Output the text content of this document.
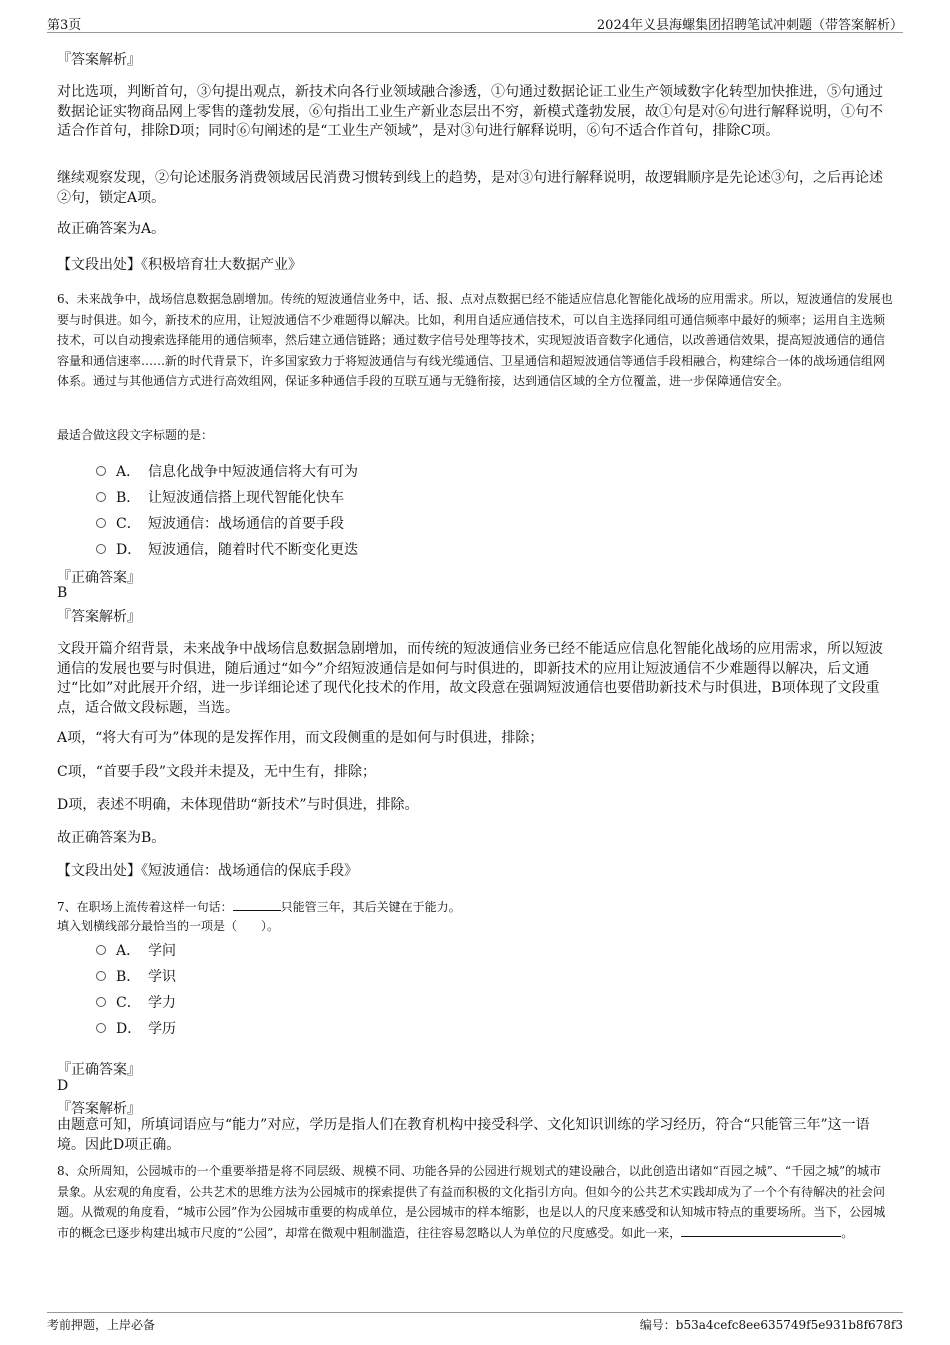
第3页	2024年义县海螺集团招聘笔试冲刺题（带答案解析）
『答案解析』
对比选项，判断首句，③句提出观点，新技术向各行业领域融合渗透，①句通过数据论证工业生产领域数字化转型加快推进，⑤句通过数据论证实物商品网上零售的蓬勃发展，⑥句指出工业生产新业态层出不穷，新模式蓬勃发展，故①句是对⑥句进行解释说明，①句不适合作首句，排除D项；同时⑥句阐述的是“工业生产领域”，是对③句进行解释说明，⑥句不适合作首句，排除C项。
继续观察发现，②句论述服务消费领域居民消费习惯转到线上的趋势，是对③句进行解释说明，故逻辑顺序是先论述③句，之后再论述②句，锁定A项。
故正确答案为A。
【文段出处】《积极培育壮大数据产业》
6、未来战争中，战场信息数据急剧增加。传统的短波通信业务中，话、报、点对点数据已经不能适应信息化智能化战场的应用需求。所以，短波通信的发展也要与时俱进。如今，新技术的应用，让短波通信不少难题得以解决。比如，利用自适应通信技术，可以自主选择同组可通信频率中最好的频率；运用自主选频技术，可以自动搜索选择能用的通信频率，然后建立通信链路；通过数字信号处理等技术，实现短波语音数字化通信，以改善通信效果，提高短波通信的通信容量和通信速率……新的时代背景下，许多国家致力于将短波通信与有线光缆通信、卫星通信和超短波通信等通信手段相融合，构建综合一体的战场通信组网体系。通过与其他通信方式进行高效组网，保证多种通信手段的互联互通与无缝衔接，达到通信区域的全方位覆盖，进一步保障通信安全。
最适合做这段文字标题的是：
A． 信息化战争中短波通信将大有可为
B． 让短波通信搭上现代智能化快车
C． 短波通信：战场通信的首要手段
D． 短波通信，随着时代不断变化更迭
『正确答案』
B
『答案解析』
文段开篇介绍背景，未来战争中战场信息数据急剧增加，而传统的短波通信业务已经不能适应信息化智能化战场的应用需求，所以短波通信的发展也要与时俱进，随后通过“如今”介绍短波通信是如何与时俱进的，即新技术的应用让短波通信不少难题得以解决，后文通过“比如”对此展开介绍，进一步详细论述了现代化技术的作用，故文段意在强调短波通信也要借助新技术与时俱进，B项体现了文段重点，适合做文段标题，当选。
A项，“将大有可为”体现的是发挥作用，而文段侧重的是如何与时俱进，排除；
C项，“首要手段”文段并未提及，无中生有，排除；
D项，表述不明确，未体现借助“新技术”与时俱进，排除。
故正确答案为B。
【文段出处】《短波通信：战场通信的保底手段》
7、在职场上流传着这样一句话：	只能管三年，其后关键在于能力。
填入划横线部分最恰当的一项是（　　）。
A． 学问
B． 学识
C． 学力
D． 学历
『正确答案』
D
『答案解析』
由题意可知，所填词语应与“能力”对应，学历是指人们在教育机构中接受科学、文化知识训练的学习经历，符合“只能管三年”这一语境。因此D项正确。
8、众所周知，公园城市的一个重要举措是将不同层级、规模不同、功能各异的公园进行规划式的建设融合，以此创造出诸如“百园之城”、“千园之城”的城市景象。从宏观的角度看，公共艺术的思维方法为公园城市的探索提供了有益而积极的文化指引方向。但如今的公共艺术实践却成为了一个个有待解决的社会问题。从微观的角度看，“城市公园”作为公园城市重要的构成单位，是公园城市的样本缩影，也是以人的尺度来感受和认知城市特点的重要场所。当下，公园城市的概念已逐步构建出城市尺度的“公园”，却常在微观中粗制滥造，往往容易忽略以人为单位的尺度感受。如此一来，	。
考前押题，上岸必备	编号：b53a4cefc8ee635749f5e931b8f678f3
